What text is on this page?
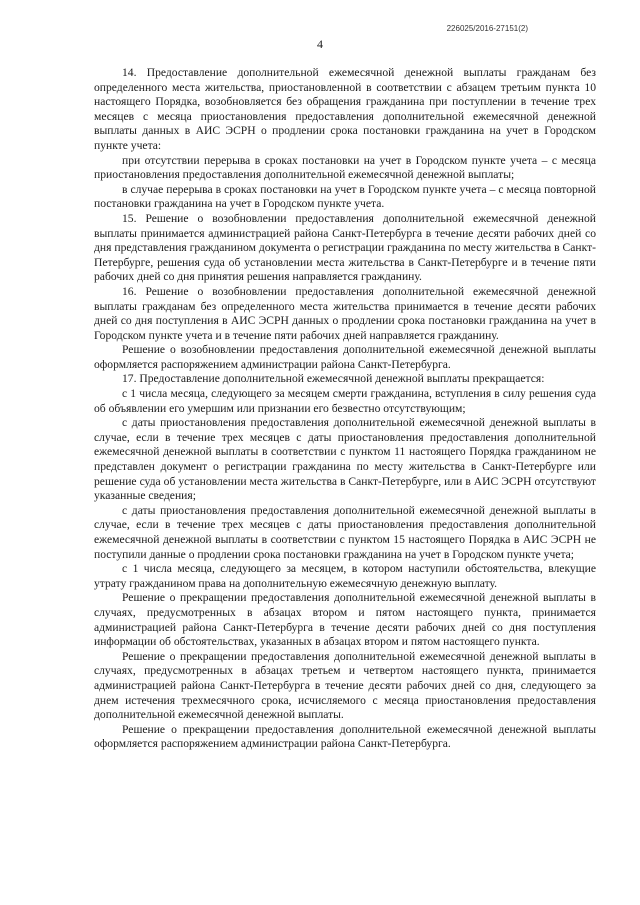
226025/2016-27151(2)
4

14. Предоставление дополнительной ежемесячной денежной выплаты гражданам без определенного места жительства, приостановленной в соответствии с абзацем третьим пункта 10 настоящего Порядка, возобновляется без обращения гражданина при поступлении в течение трех месяцев с месяца приостановления предоставления дополнительной ежемесячной денежной выплаты данных в АИС ЭСРН о продлении срока постановки гражданина на учет в Городском пункте учета:

при отсутствии перерыва в сроках постановки на учет в Городском пункте учета – с месяца приостановления предоставления дополнительной ежемесячной денежной выплаты;

в случае перерыва в сроках постановки на учет в Городском пункте учета – с месяца повторной постановки гражданина на учет в Городском пункте учета.

15. Решение о возобновлении предоставления дополнительной ежемесячной денежной выплаты принимается администрацией района Санкт-Петербурга в течение десяти рабочих дней со дня представления гражданином документа о регистрации гражданина по месту жительства в Санкт-Петербурге, решения суда об установлении места жительства в Санкт-Петербурге и в течение пяти рабочих дней со дня принятия решения направляется гражданину.

16. Решение о возобновлении предоставления дополнительной ежемесячной денежной выплаты гражданам без определенного места жительства принимается в течение десяти рабочих дней со дня поступления в АИС ЭСРН данных о продлении срока постановки гражданина на учет в Городском пункте учета и в течение пяти рабочих дней направляется гражданину.

Решение о возобновлении предоставления дополнительной ежемесячной денежной выплаты оформляется распоряжением администрации района Санкт-Петербурга.

17. Предоставление дополнительной ежемесячной денежной выплаты прекращается:

с 1 числа месяца, следующего за месяцем смерти гражданина, вступления в силу решения суда об объявлении его умершим или признании его безвестно отсутствующим;

с даты приостановления предоставления дополнительной ежемесячной денежной выплаты в случае, если в течение трех месяцев с даты приостановления предоставления дополнительной ежемесячной денежной выплаты в соответствии с пунктом 11 настоящего Порядка гражданином не представлен документ о регистрации гражданина по месту жительства в Санкт-Петербурге или решение суда об установлении места жительства в Санкт-Петербурге, или в АИС ЭСРН отсутствуют указанные сведения;

с даты приостановления предоставления дополнительной ежемесячной денежной выплаты в случае, если в течение трех месяцев с даты приостановления предоставления дополнительной ежемесячной денежной выплаты в соответствии с пунктом 15 настоящего Порядка в АИС ЭСРН не поступили данные о продлении срока постановки гражданина на учет в Городском пункте учета;

с 1 числа месяца, следующего за месяцем, в котором наступили обстоятельства, влекущие утрату гражданином права на дополнительную ежемесячную денежную выплату.

Решение о прекращении предоставления дополнительной ежемесячной денежной выплаты в случаях, предусмотренных в абзацах втором и пятом настоящего пункта, принимается администрацией района Санкт-Петербурга в течение десяти рабочих дней со дня поступления информации об обстоятельствах, указанных в абзацах втором и пятом настоящего пункта.

Решение о прекращении предоставления дополнительной ежемесячной денежной выплаты в случаях, предусмотренных в абзацах третьем и четвертом настоящего пункта, принимается администрацией района Санкт-Петербурга в течение десяти рабочих дней со дня, следующего за днем истечения трехмесячного срока, исчисляемого с месяца приостановления предоставления дополнительной ежемесячной денежной выплаты.

Решение о прекращении предоставления дополнительной ежемесячной денежной выплаты оформляется распоряжением администрации района Санкт-Петербурга.
